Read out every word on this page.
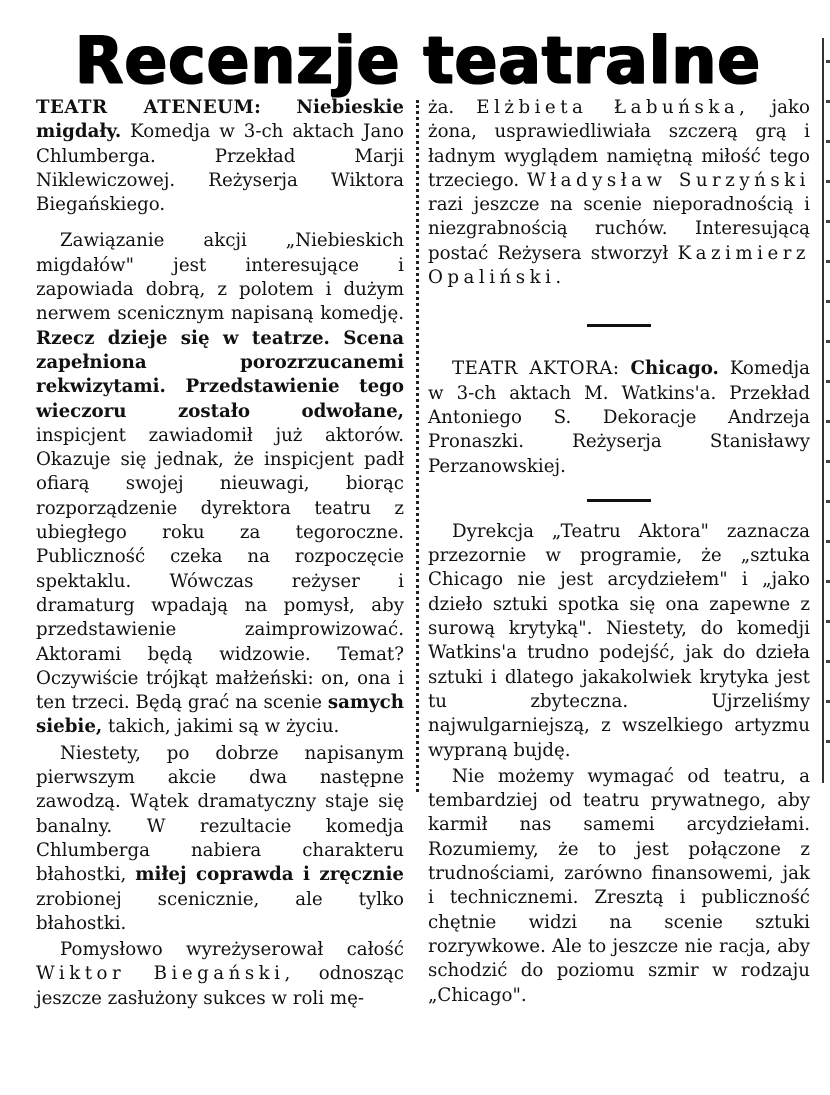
Recenzje teatralne

TEATR ATENEUM: Niebieskie migdały. Komedja w 3-ch aktach Jano Chlumberga. Przekład Marji Niklewiczowej. Reżyserja Wiktora Biegańskiego.

Zawiązanie akcji „Niebieskich migdałów" jest interesujące i zapowiada dobrą, z polotem i dużym nerwem scenicznym napisaną komedję. Rzecz dzieje się w teatrze. Scena zapełniona porozrzucanemi rekwizytami. Przedstawienie tego wieczoru zostało odwołane, inspicjent zawiadomił już aktorów. Okazuje się jednak, że inspicjent padł ofiarą swojej nieuwagi, biorąc rozporządzenie dyrektora teatru z ubiegłego roku za tegoroczne. Publiczność czeka na rozpoczęcie spektaklu. Wówczas reżyser i dramaturg wpadają na pomysł, aby przedstawienie zaimprowizować. Aktorami będą widzowie. Temat? Oczywiście trójkąt małżeński: on, ona i ten trzeci. Będą grać na scenie samych siebie, takich, jakimi są w życiu.

Niestety, po dobrze napisanym pierwszym akcie dwa następne zawodzą. Wątek dramatyczny staje się banalny. W rezultacie komedja Chlumberga nabiera charakteru błahostki, miłej coprawda i zręcznie zrobionej scenicznie, ale tylko błahostki.

Pomysłowo wyreżyserował całość Wiktor Biegański, odnosząc jeszcze zasłużony sukces w roli mę-

ża. Elżbieta Łabuńska, jako żona, usprawiedliwiała szczerą grą i ładnym wyglądem namiętną miłość tego trzeciego. Władysław Surzyński razi jeszcze na scenie nieporadnością i niezgrabnością ruchów. Interesującą postać Reżysera stworzył Kazimierz Opaliński.

TEATR AKTORA: Chicago. Komedja w 3-ch aktach M. Watkins'a. Przekład Antoniego S. Dekoracje Andrzeja Pronaszki. Reżyserja Stanisławy Perzanowskiej.

Dyrekcja „Teatru Aktora" zaznacza przezornie w programie, że „sztuka Chicago nie jest arcydziełem" i „jako dzieło sztuki spotka się ona zapewne z surową krytyką". Niestety, do komedji Watkins'a trudno podejść, jak do dzieła sztuki i dlatego jakakolwiek krytyka jest tu zbyteczna. Ujrzeliśmy najwulgarniejszą, z wszelkiego artyzmu wypraną bujdę.

Nie możemy wymagać od teatru, a tembardziej od teatru prywatnego, aby karmił nas samemi arcydziełami. Rozumiemy, że to jest połączone z trudnościami, zarówno finansowemi, jak i technicznemi. Zresztą i publiczność chętnie widzi na scenie sztuki rozrywkowe. Ale to jeszcze nie racja, aby schodzić do poziomu szmir w rodzaju „Chicago".
